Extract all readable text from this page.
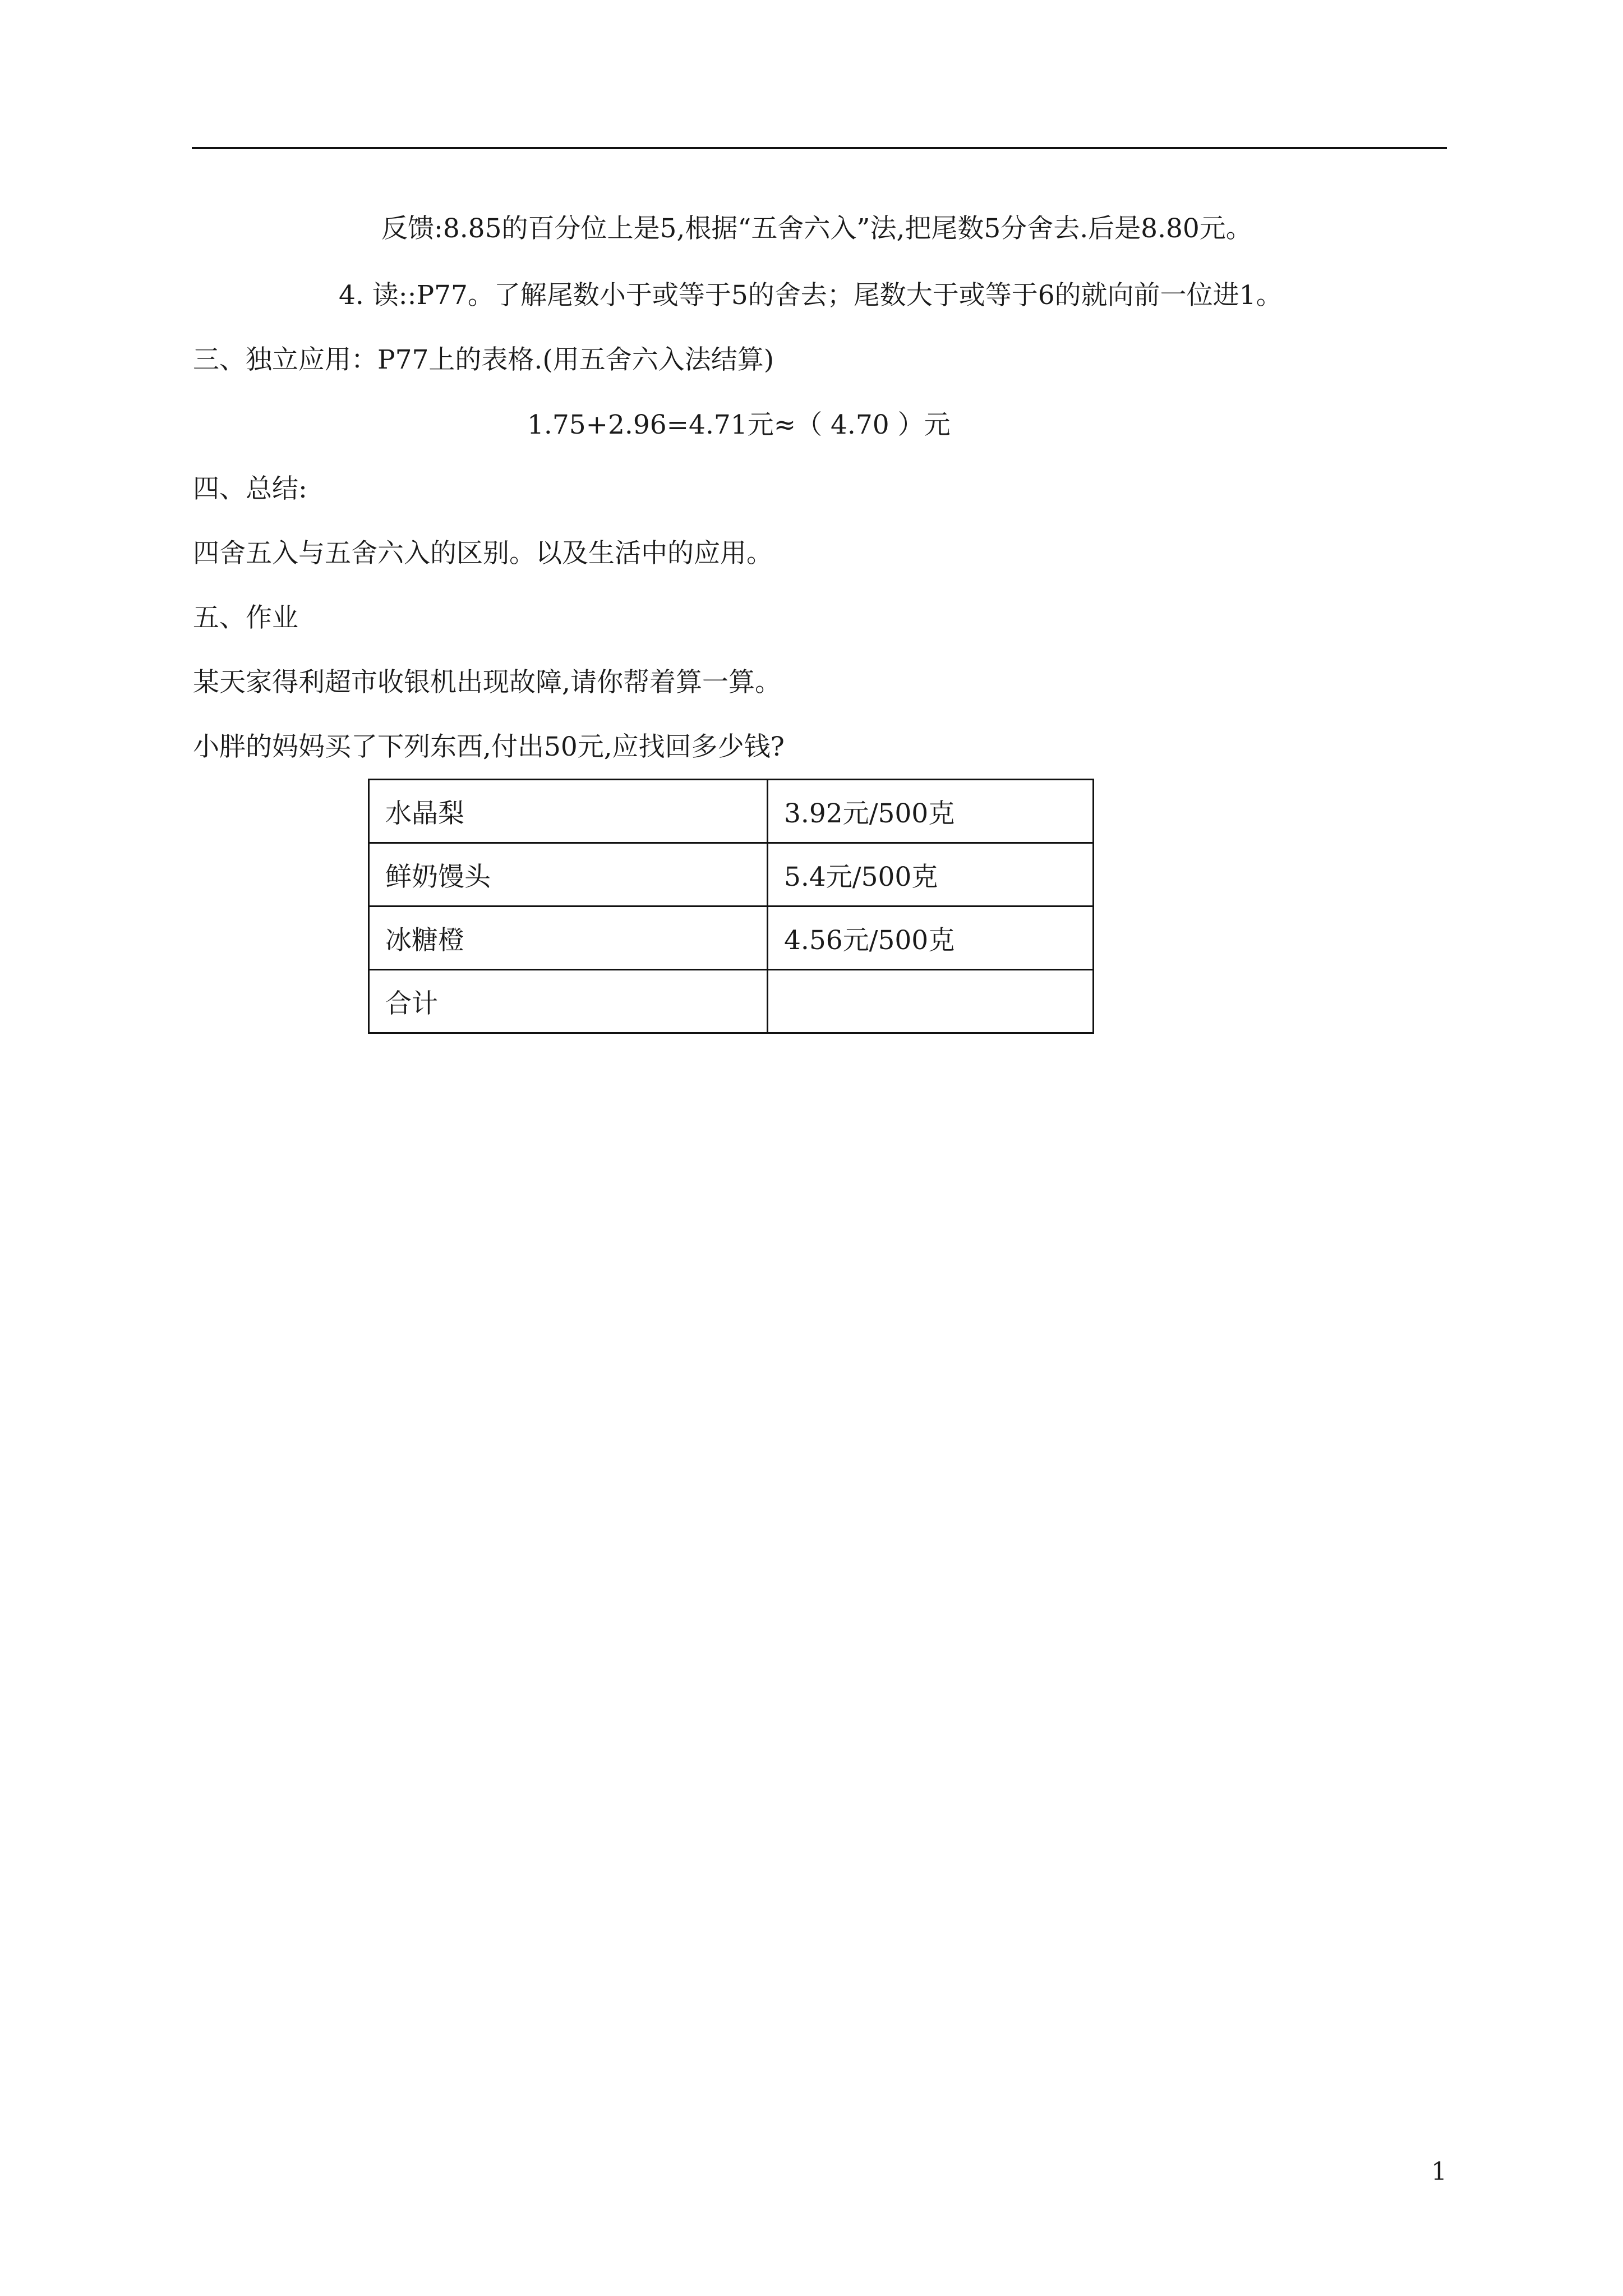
反馈:8.85的百分位上是5,根据“五舍六入”法,把尾数5分舍去.后是8.80元。
4. 读::P77。了解尾数小于或等于5的舍去；尾数大于或等于6的就向前一位进1。
三、独立应用：P77上的表格.(用五舍六入法结算)
1.75+2.96=4.71元≈（ 4.70 ）元
四、总结:
四舍五入与五舍六入的区别。以及生活中的应用。
五、作业
某天家得利超市收银机出现故障,请你帮着算一算。
小胖的妈妈买了下列东西,付出50元,应找回多少钱?
水晶梨	3.92元/500克
鲜奶馒头	5.4元/500克
冰糖橙	4.56元/500克
合计	
1
